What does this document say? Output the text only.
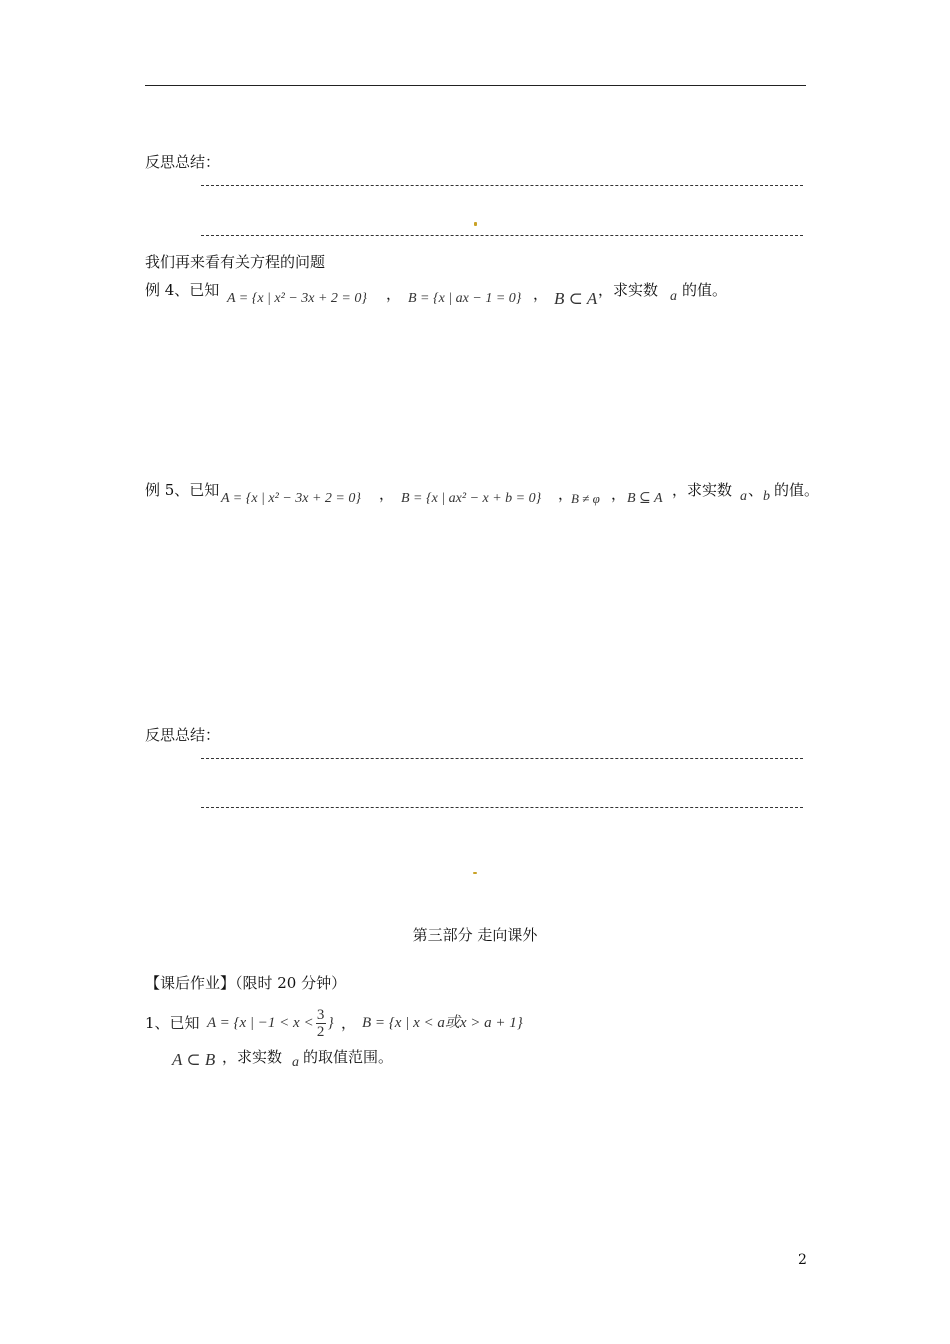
反思总结：
我们再来看有关方程的问题
例 4、已知 A = {x | x² − 3x + 2 = 0} ， B = {x | ax − 1 = 0} ， B ⊂ A ，求实数 a 的值。
例 5、已知 A = {x | x² − 3x + 2 = 0} ， B = {x | ax² − x + b = 0} ，
B ≠ φ ， B ⊆ A ，求实数 a 、 b 的值。
反思总结：
第三部分 走向课外
【课后作业】（限时 20 分钟）
1、已知 A = {x | $-1 < x < \frac{3}{2}$ } ， B = {x | x < a或x > a + 1}
A ⊂ B ，求实数 a 的取值范围。
2
